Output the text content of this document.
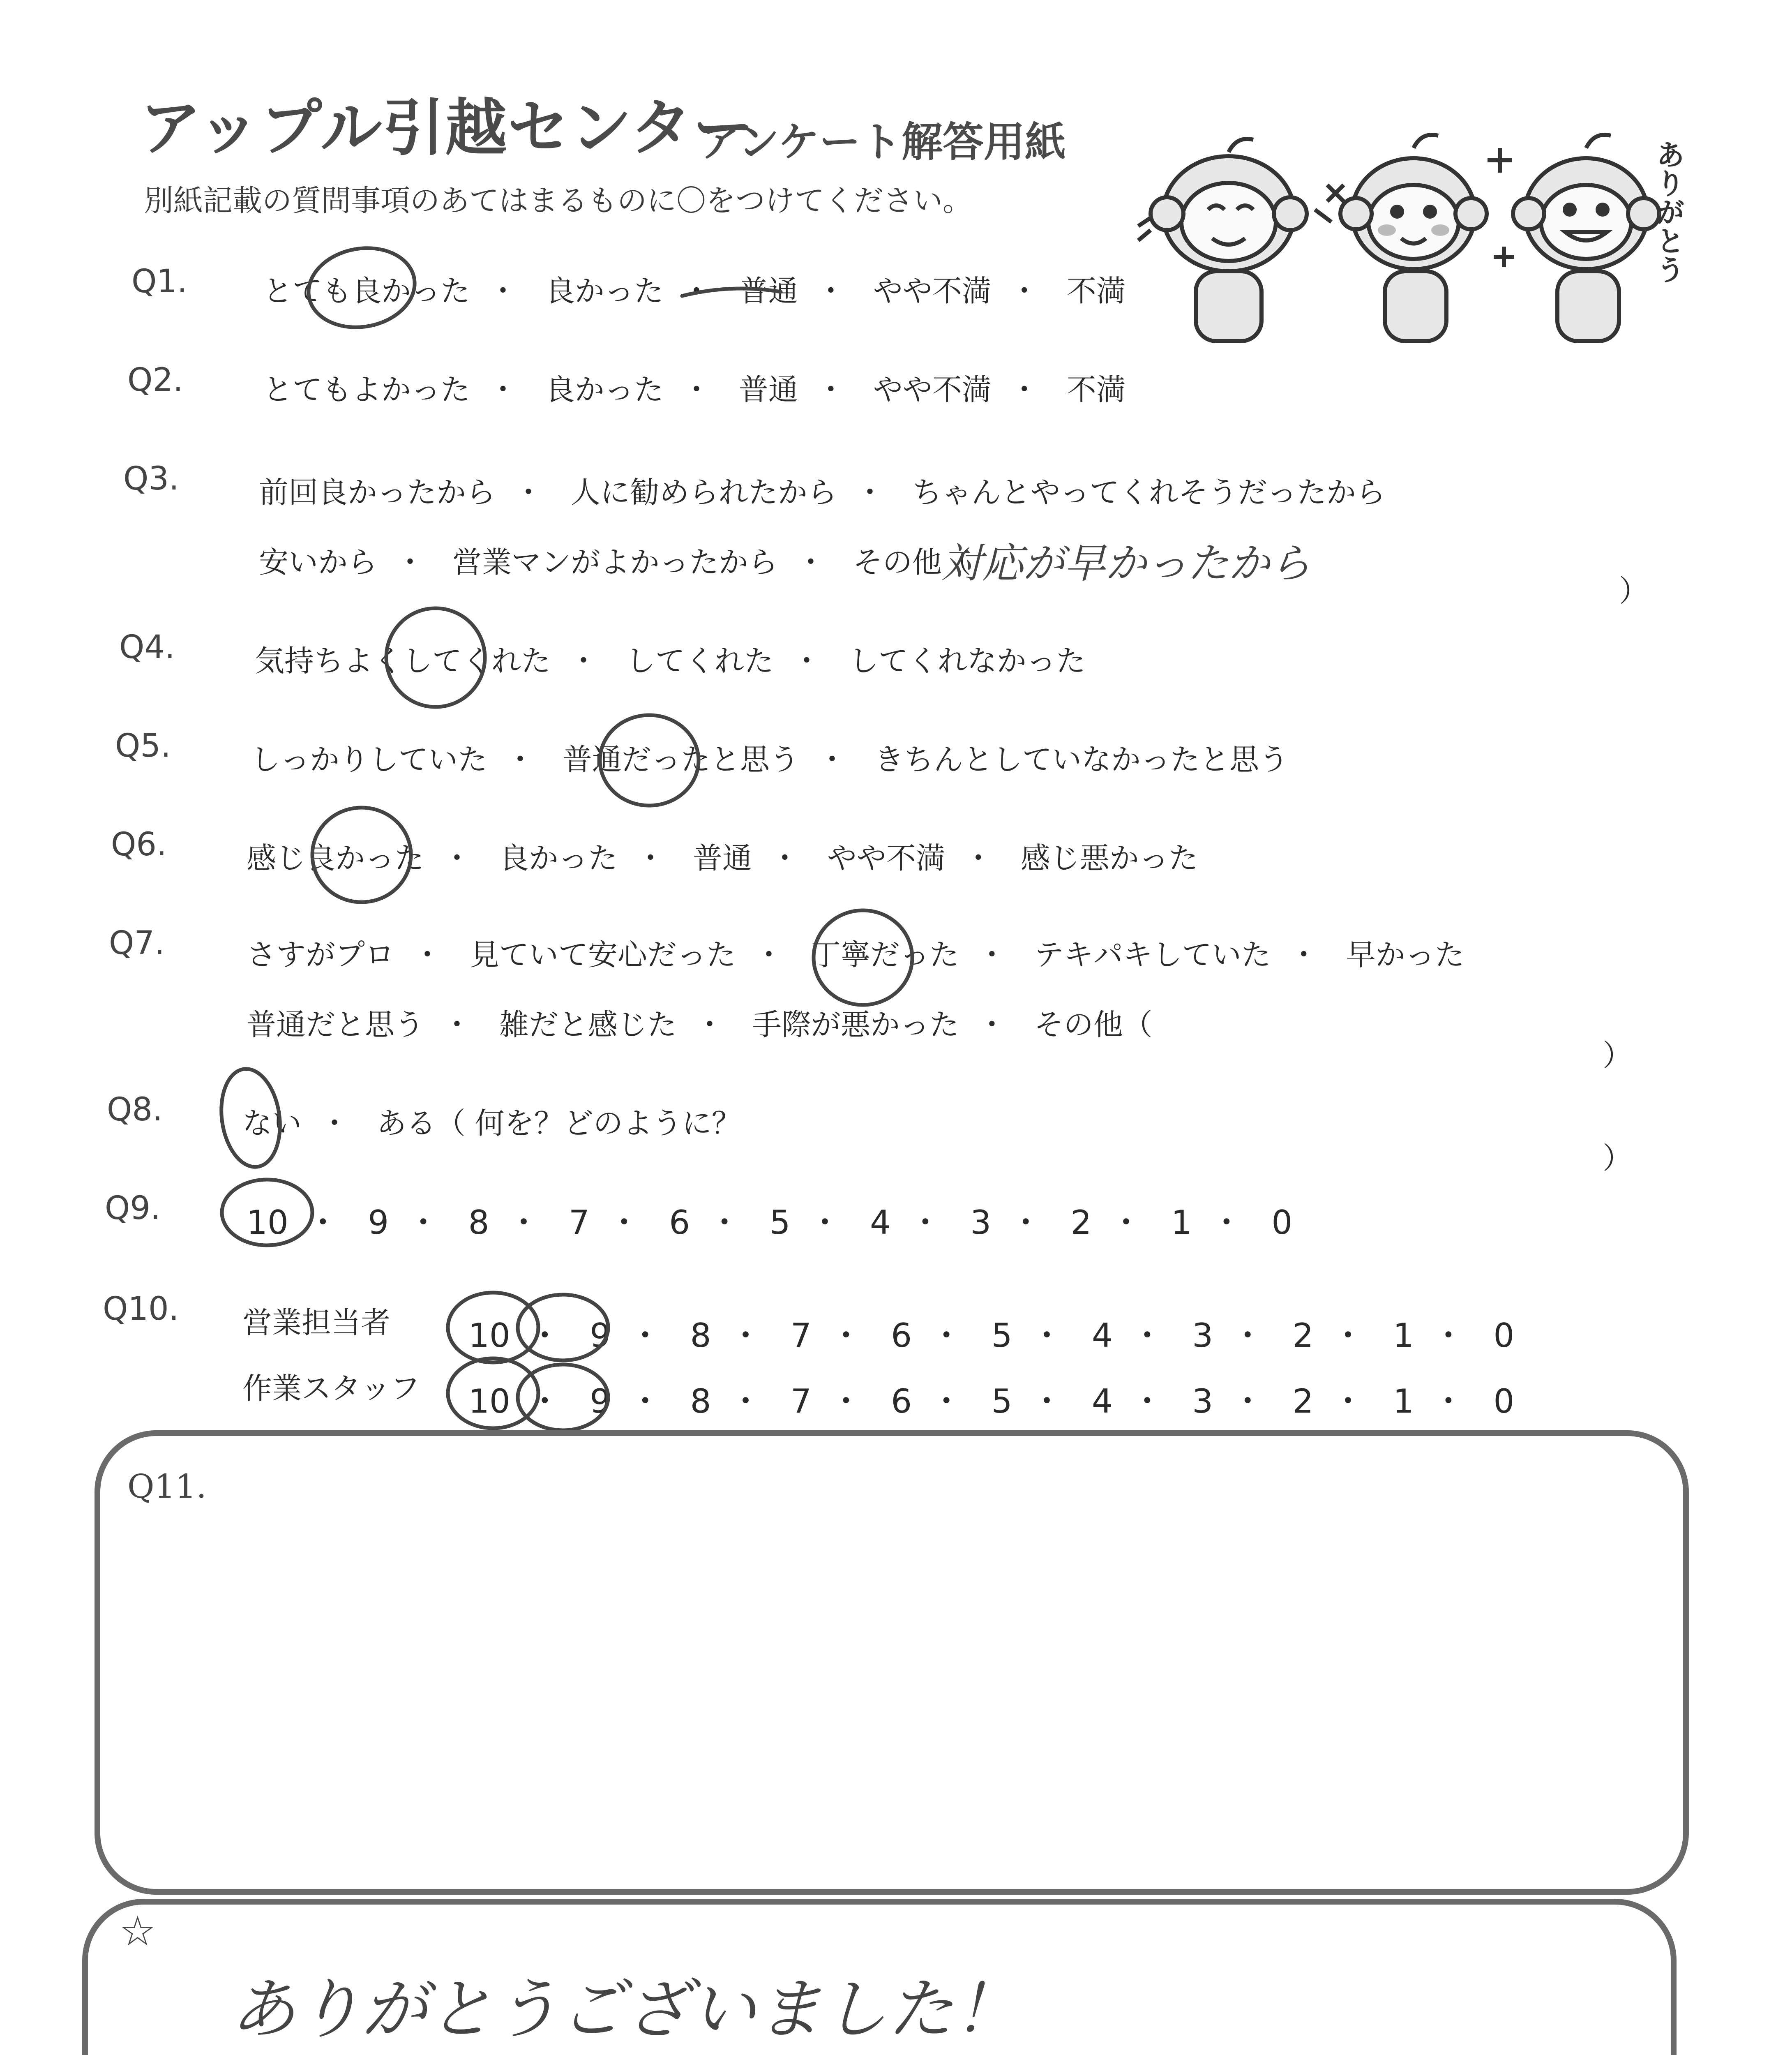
アップル引越センター
アンケート解答用紙
別紙記載の質問事項のあてはまるものに〇をつけてください。	ありがとう
Q1.
Q2.
Q3.
Q4.
Q5.
Q6.
Q7.
Q8.
Q9.
Q10.
とても良かった ・ 良かった ・ 普通 ・ やや不満 ・ 不満
とてもよかった ・ 良かった ・ 普通 ・ やや不満 ・ 不満
前回良かったから ・ 人に勧められたから ・ ちゃんとやってくれそうだったから
安いから ・ 営業マンがよかったから ・ その他（
対応が早かったから
）
気持ちよくしてくれた ・ してくれた ・ してくれなかった
しっかりしていた ・ 普通だったと思う ・ きちんとしていなかったと思う
感じ良かった ・ 良かった ・ 普通 ・ やや不満 ・ 感じ悪かった
さすがプロ ・ 見ていて安心だった ・ 丁寧だった ・ テキパキしていた ・ 早かった
普通だと思う ・ 雑だと感じた ・ 手際が悪かった ・ その他（
）
ない ・ ある（ 何を？どのように？
）
10 ・ 9 ・ 8 ・ 7 ・ 6 ・ 5 ・ 4 ・ 3 ・ 2 ・ 1 ・ 0
営業担当者 10 ・ 9 ・ 8 ・ 7 ・ 6 ・ 5 ・ 4 ・ 3 ・ 2 ・ 1 ・ 0
作業スタッフ 10 ・ 9 ・ 8 ・ 7 ・ 6 ・ 5 ・ 4 ・ 3 ・ 2 ・ 1 ・ 0
Q11.
☆
ありがとうございました！
